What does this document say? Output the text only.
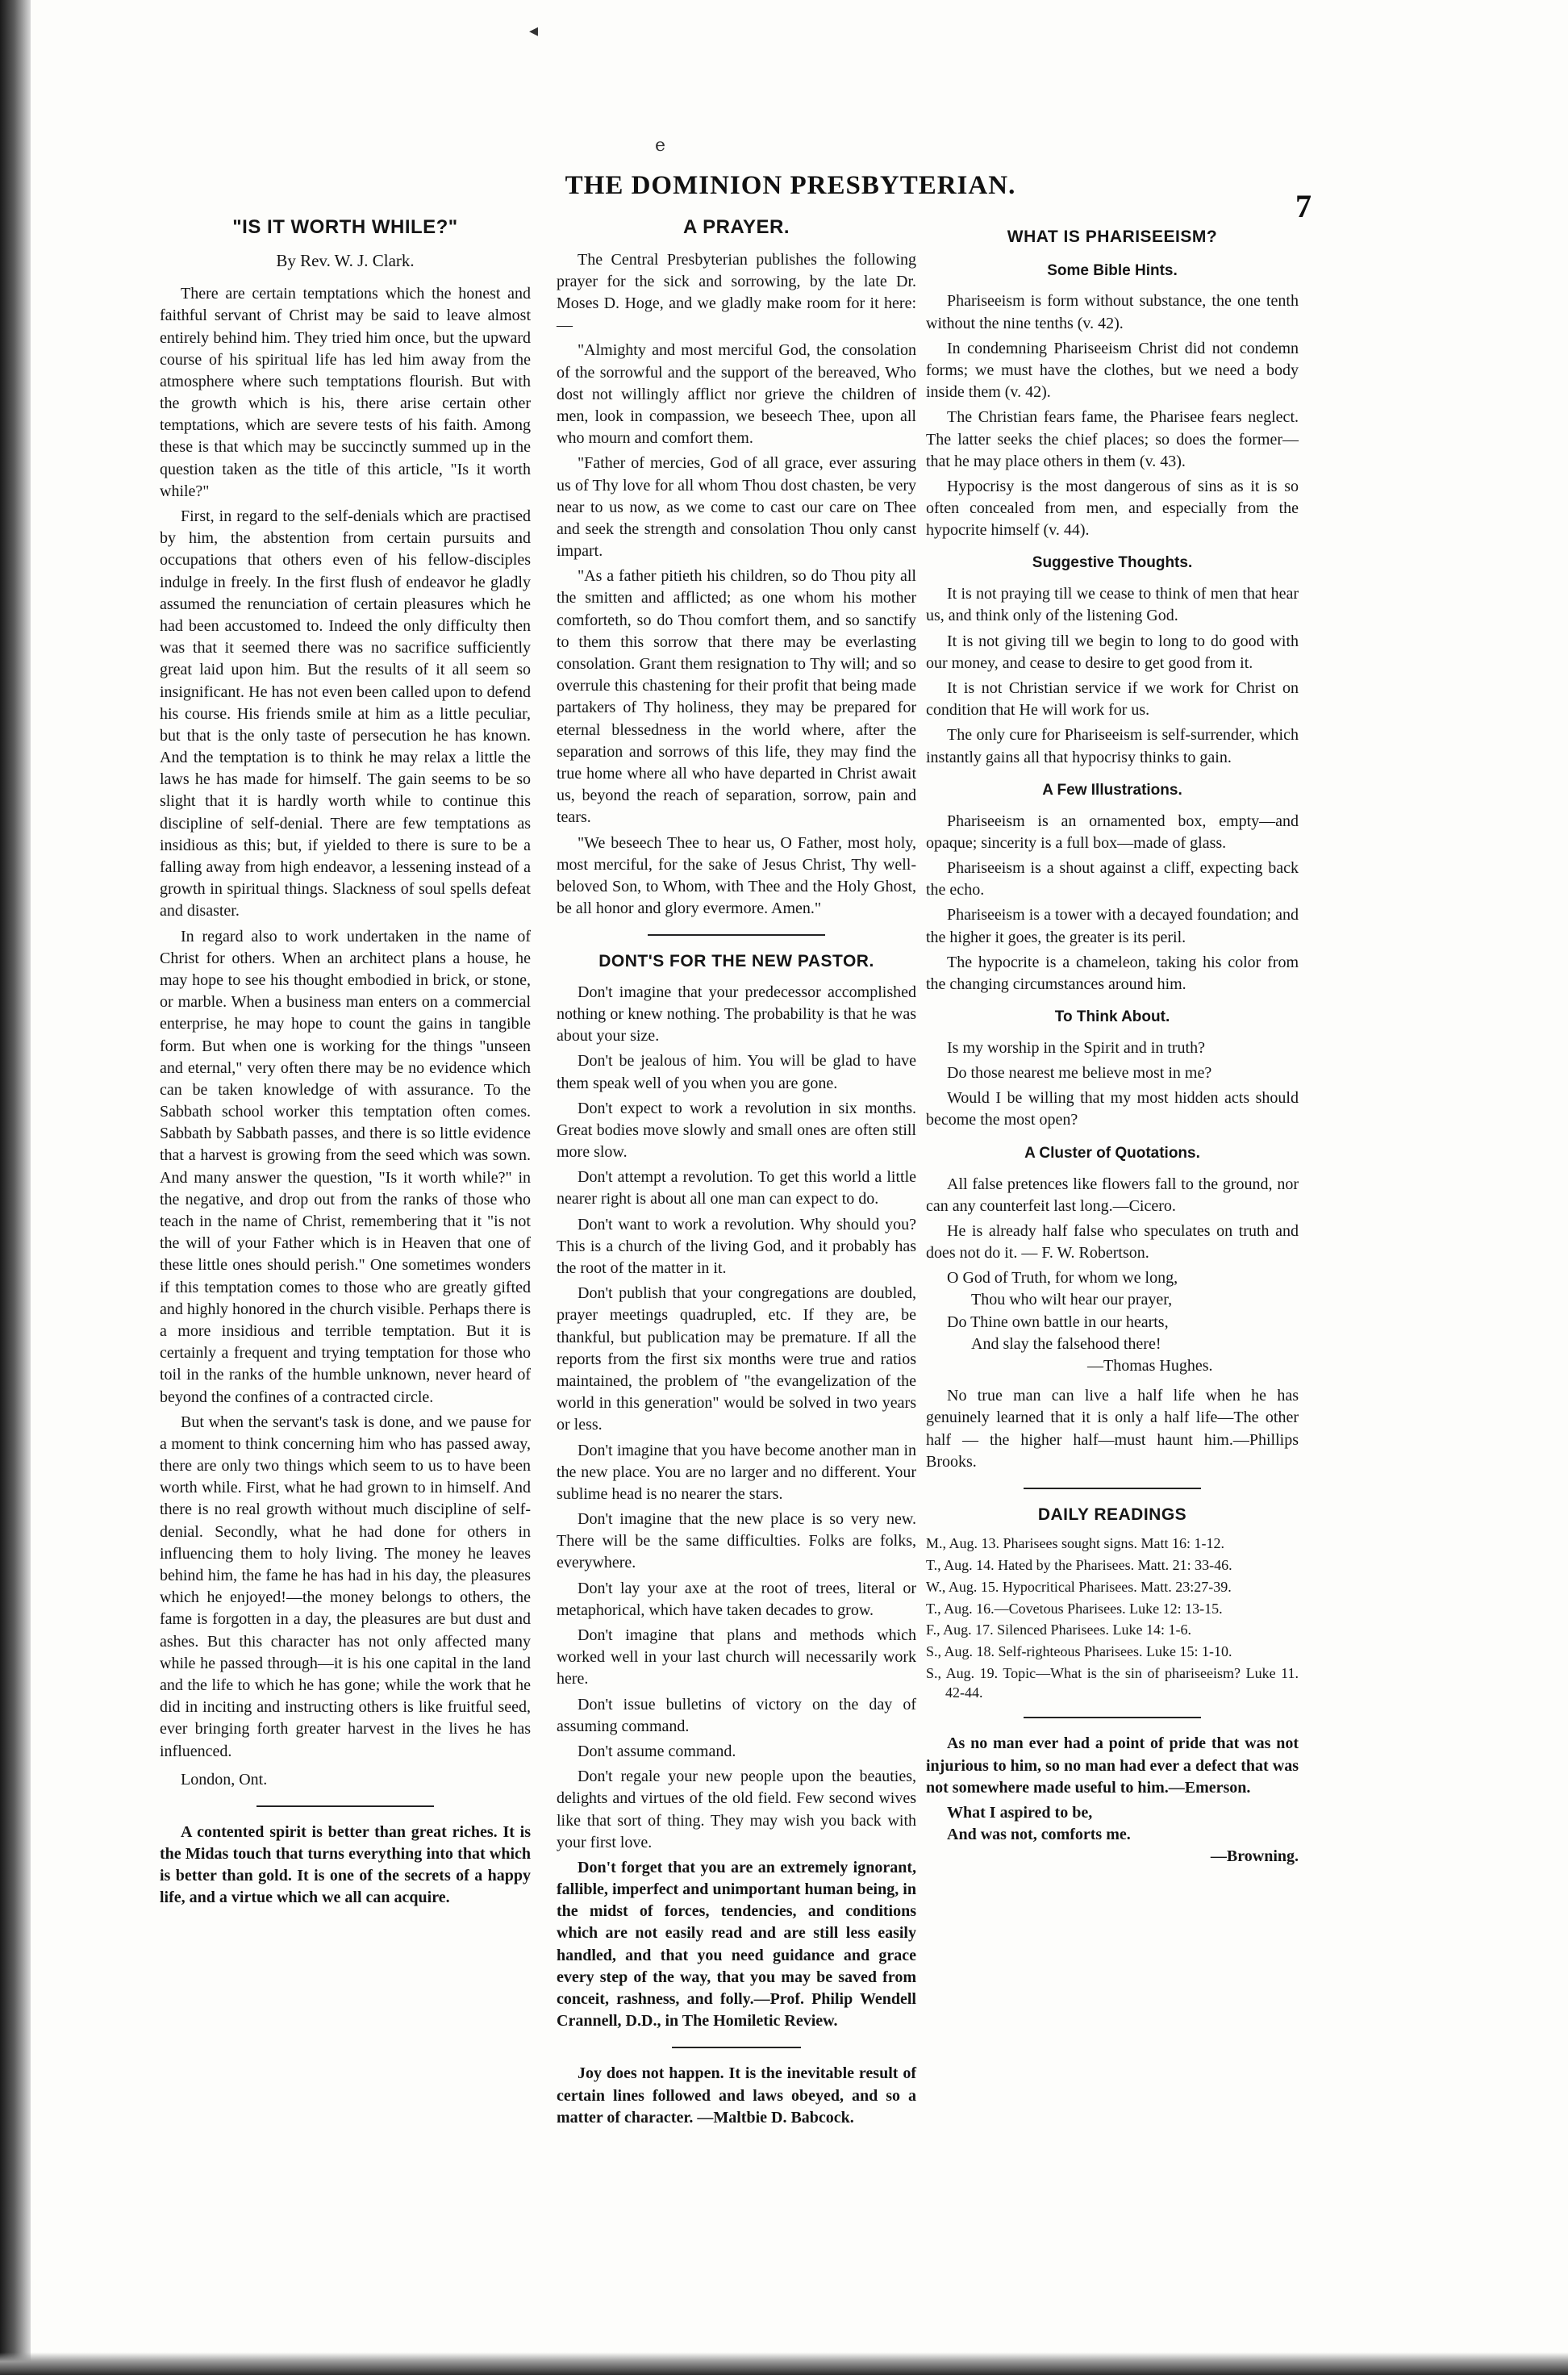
◂
e
THE DOMINION PRESBYTERIAN.
7
"IS IT WORTH WHILE?"
By Rev. W. J. Clark.

There are certain temptations which the honest and faithful servant of Christ may be said to leave almost entirely behind him. They tried him once, but the upward course of his spiritual life has led him away from the atmosphere where such temptations flourish. But with the growth which is his, there arise certain other temptations, which are severe tests of his faith. Among these is that which may be succinctly summed up in the question taken as the title of this article, "Is it worth while?"

First, in regard to the self-denials which are practised by him, the abstention from certain pursuits and occupations that others even of his fellow-disciples indulge in freely. In the first flush of endeavor he gladly assumed the renunciation of certain pleasures which he had been accustomed to. Indeed the only difficulty then was that it seemed there was no sacrifice sufficiently great laid upon him. But the results of it all seem so insignificant. He has not even been called upon to defend his course. His friends smile at him as a little peculiar, but that is the only taste of persecution he has known. And the temptation is to think he may relax a little the laws he has made for himself. The gain seems to be so slight that it is hardly worth while to continue this discipline of self-denial. There are few temptations as insidious as this; but, if yielded to there is sure to be a falling away from high endeavor, a lessening instead of a growth in spiritual things. Slackness of soul spells defeat and disaster.

In regard also to work undertaken in the name of Christ for others. When an architect plans a house, he may hope to see his thought embodied in brick, or stone, or marble. When a business man enters on a commercial enterprise, he may hope to count the gains in tangible form. But when one is working for the things "unseen and eternal," very often there may be no evidence which can be taken knowledge of with assurance. To the Sabbath school worker this temptation often comes. Sabbath by Sabbath passes, and there is so little evidence that a harvest is growing from the seed which was sown. And many answer the question, "Is it worth while?" in the negative, and drop out from the ranks of those who teach in the name of Christ, remembering that it "is not the will of your Father which is in Heaven that one of these little ones should perish." One sometimes wonders if this temptation comes to those who are greatly gifted and highly honored in the church visible. Perhaps there is a more insidious and terrible temptation. But it is certainly a frequent and trying temptation for those who toil in the ranks of the humble unknown, never heard of beyond the confines of a contracted circle.

But when the servant's task is done, and we pause for a moment to think concerning him who has passed away, there are only two things which seem to us to have been worth while. First, what he had grown to in himself. And there is no real growth without much discipline of self-denial. Secondly, what he had done for others in influencing them to holy living. The money he leaves behind him, the fame he has had in his day, the pleasures which he enjoyed!—the money belongs to others, the fame is forgotten in a day, the pleasures are but dust and ashes. But this character has not only affected many while he passed through—it is his one capital in the land and the life to which he has gone; while the work that he did in inciting and instructing others is like fruitful seed, ever bringing forth greater harvest in the lives he has influenced.

London, Ont.

A contented spirit is better than great riches. It is the Midas touch that turns everything into that which is better than gold. It is one of the secrets of a happy life, and a virtue which we all can acquire.

A PRAYER.

The Central Presbyterian publishes the following prayer for the sick and sorrowing, by the late Dr. Moses D. Hoge, and we gladly make room for it here:—

"Almighty and most merciful God, the consolation of the sorrowful and the support of the bereaved, Who dost not willingly afflict nor grieve the children of men, look in compassion, we beseech Thee, upon all who mourn and comfort them.

"Father of mercies, God of all grace, ever assuring us of Thy love for all whom Thou dost chasten, be very near to us now, as we come to cast our care on Thee and seek the strength and consolation Thou only canst impart.

"As a father pitieth his children, so do Thou pity all the smitten and afflicted; as one whom his mother comforteth, so do Thou comfort them, and so sanctify to them this sorrow that there may be everlasting consolation. Grant them resignation to Thy will; and so overrule this chastening for their profit that being made partakers of Thy holiness, they may be prepared for eternal blessedness in the world where, after the separation and sorrows of this life, they may find the true home where all who have departed in Christ await us, beyond the reach of separation, sorrow, pain and tears.

"We beseech Thee to hear us, O Father, most holy, most merciful, for the sake of Jesus Christ, Thy well-beloved Son, to Whom, with Thee and the Holy Ghost, be all honor and glory evermore. Amen."

DONT'S FOR THE NEW PASTOR.

Don't imagine that your predecessor accomplished nothing or knew nothing. The probability is that he was about your size.

Don't be jealous of him. You will be glad to have them speak well of you when you are gone.

Don't expect to work a revolution in six months. Great bodies move slowly and small ones are often still more slow.

Don't attempt a revolution. To get this world a little nearer right is about all one man can expect to do.

Don't want to work a revolution. Why should you? This is a church of the living God, and it probably has the root of the matter in it.

Don't publish that your congregations are doubled, prayer meetings quadrupled, etc. If they are, be thankful, but publication may be premature. If all the reports from the first six months were true and ratios maintained, the problem of "the evangelization of the world in this generation" would be solved in two years or less.

Don't imagine that you have become another man in the new place. You are no larger and no different. Your sublime head is no nearer the stars.

Don't imagine that the new place is so very new. There will be the same difficulties. Folks are folks, everywhere.

Don't lay your axe at the root of trees, literal or metaphorical, which have taken decades to grow.

Don't imagine that plans and methods which worked well in your last church will necessarily work here.

Don't issue bulletins of victory on the day of assuming command.

Don't assume command.

Don't regale your new people upon the beauties, delights and virtues of the old field. Few second wives like that sort of thing. They may wish you back with your first love.

Don't forget that you are an extremely ignorant, fallible, imperfect and unimportant human being, in the midst of forces, tendencies, and conditions which are not easily read and are still less easily handled, and that you need guidance and grace every step of the way, that you may be saved from conceit, rashness, and folly.—Prof. Philip Wendell Crannell, D.D., in The Homiletic Review.

Joy does not happen. It is the inevitable result of certain lines followed and laws obeyed, and so a matter of character. —Maltbie D. Babcock.

WHAT IS PHARISEEISM?
Some Bible Hints.

Phariseeism is form without substance, the one tenth without the nine tenths (v. 42).

In condemning Phariseeism Christ did not condemn forms; we must have the clothes, but we need a body inside them (v. 42).

The Christian fears fame, the Pharisee fears neglect. The latter seeks the chief places; so does the former—that he may place others in them (v. 43).

Hypocrisy is the most dangerous of sins as it is so often concealed from men, and especially from the hypocrite himself (v. 44).

Suggestive Thoughts.

It is not praying till we cease to think of men that hear us, and think only of the listening God.

It is not giving till we begin to long to do good with our money, and cease to desire to get good from it.

It is not Christian service if we work for Christ on condition that He will work for us.

The only cure for Phariseeism is self-surrender, which instantly gains all that hypocrisy thinks to gain.

A Few Illustrations.

Phariseeism is an ornamented box, empty—and opaque; sincerity is a full box—made of glass.

Phariseeism is a shout against a cliff, expecting back the echo.

Phariseeism is a tower with a decayed foundation; and the higher it goes, the greater is its peril.

The hypocrite is a chameleon, taking his color from the changing circumstances around him.

To Think About.

Is my worship in the Spirit and in truth?

Do those nearest me believe most in me?

Would I be willing that my most hidden acts should become the most open?

A Cluster of Quotations.

All false pretences like flowers fall to the ground, nor can any counterfeit last long.—Cicero.

He is already half false who speculates on truth and does not do it. — F. W. Robertson.

O God of Truth, for whom we long,
Thou who wilt hear our prayer,
Do Thine own battle in our hearts,
And slay the falsehood there!
—Thomas Hughes.

No true man can live a half life when he has genuinely learned that it is only a half life—The other half — the higher half—must haunt him.—Phillips Brooks.

DAILY READINGS

M., Aug. 13. Pharisees sought signs. Matt 16: 1-12.

T., Aug. 14. Hated by the Pharisees. Matt. 21: 33-46.

W., Aug. 15. Hypocritical Pharisees. Matt. 23:27-39.

T., Aug. 16.—Covetous Pharisees. Luke 12: 13-15.

F., Aug. 17. Silenced Pharisees. Luke 14: 1-6.

S., Aug. 18. Self-righteous Pharisees. Luke 15: 1-10.

S., Aug. 19. Topic—What is the sin of phariseeism? Luke 11. 42-44.

As no man ever had a point of pride that was not injurious to him, so no man had ever a defect that was not somewhere made useful to him.—Emerson.

What I aspired to be,
And was not, comforts me.
—Browning.
